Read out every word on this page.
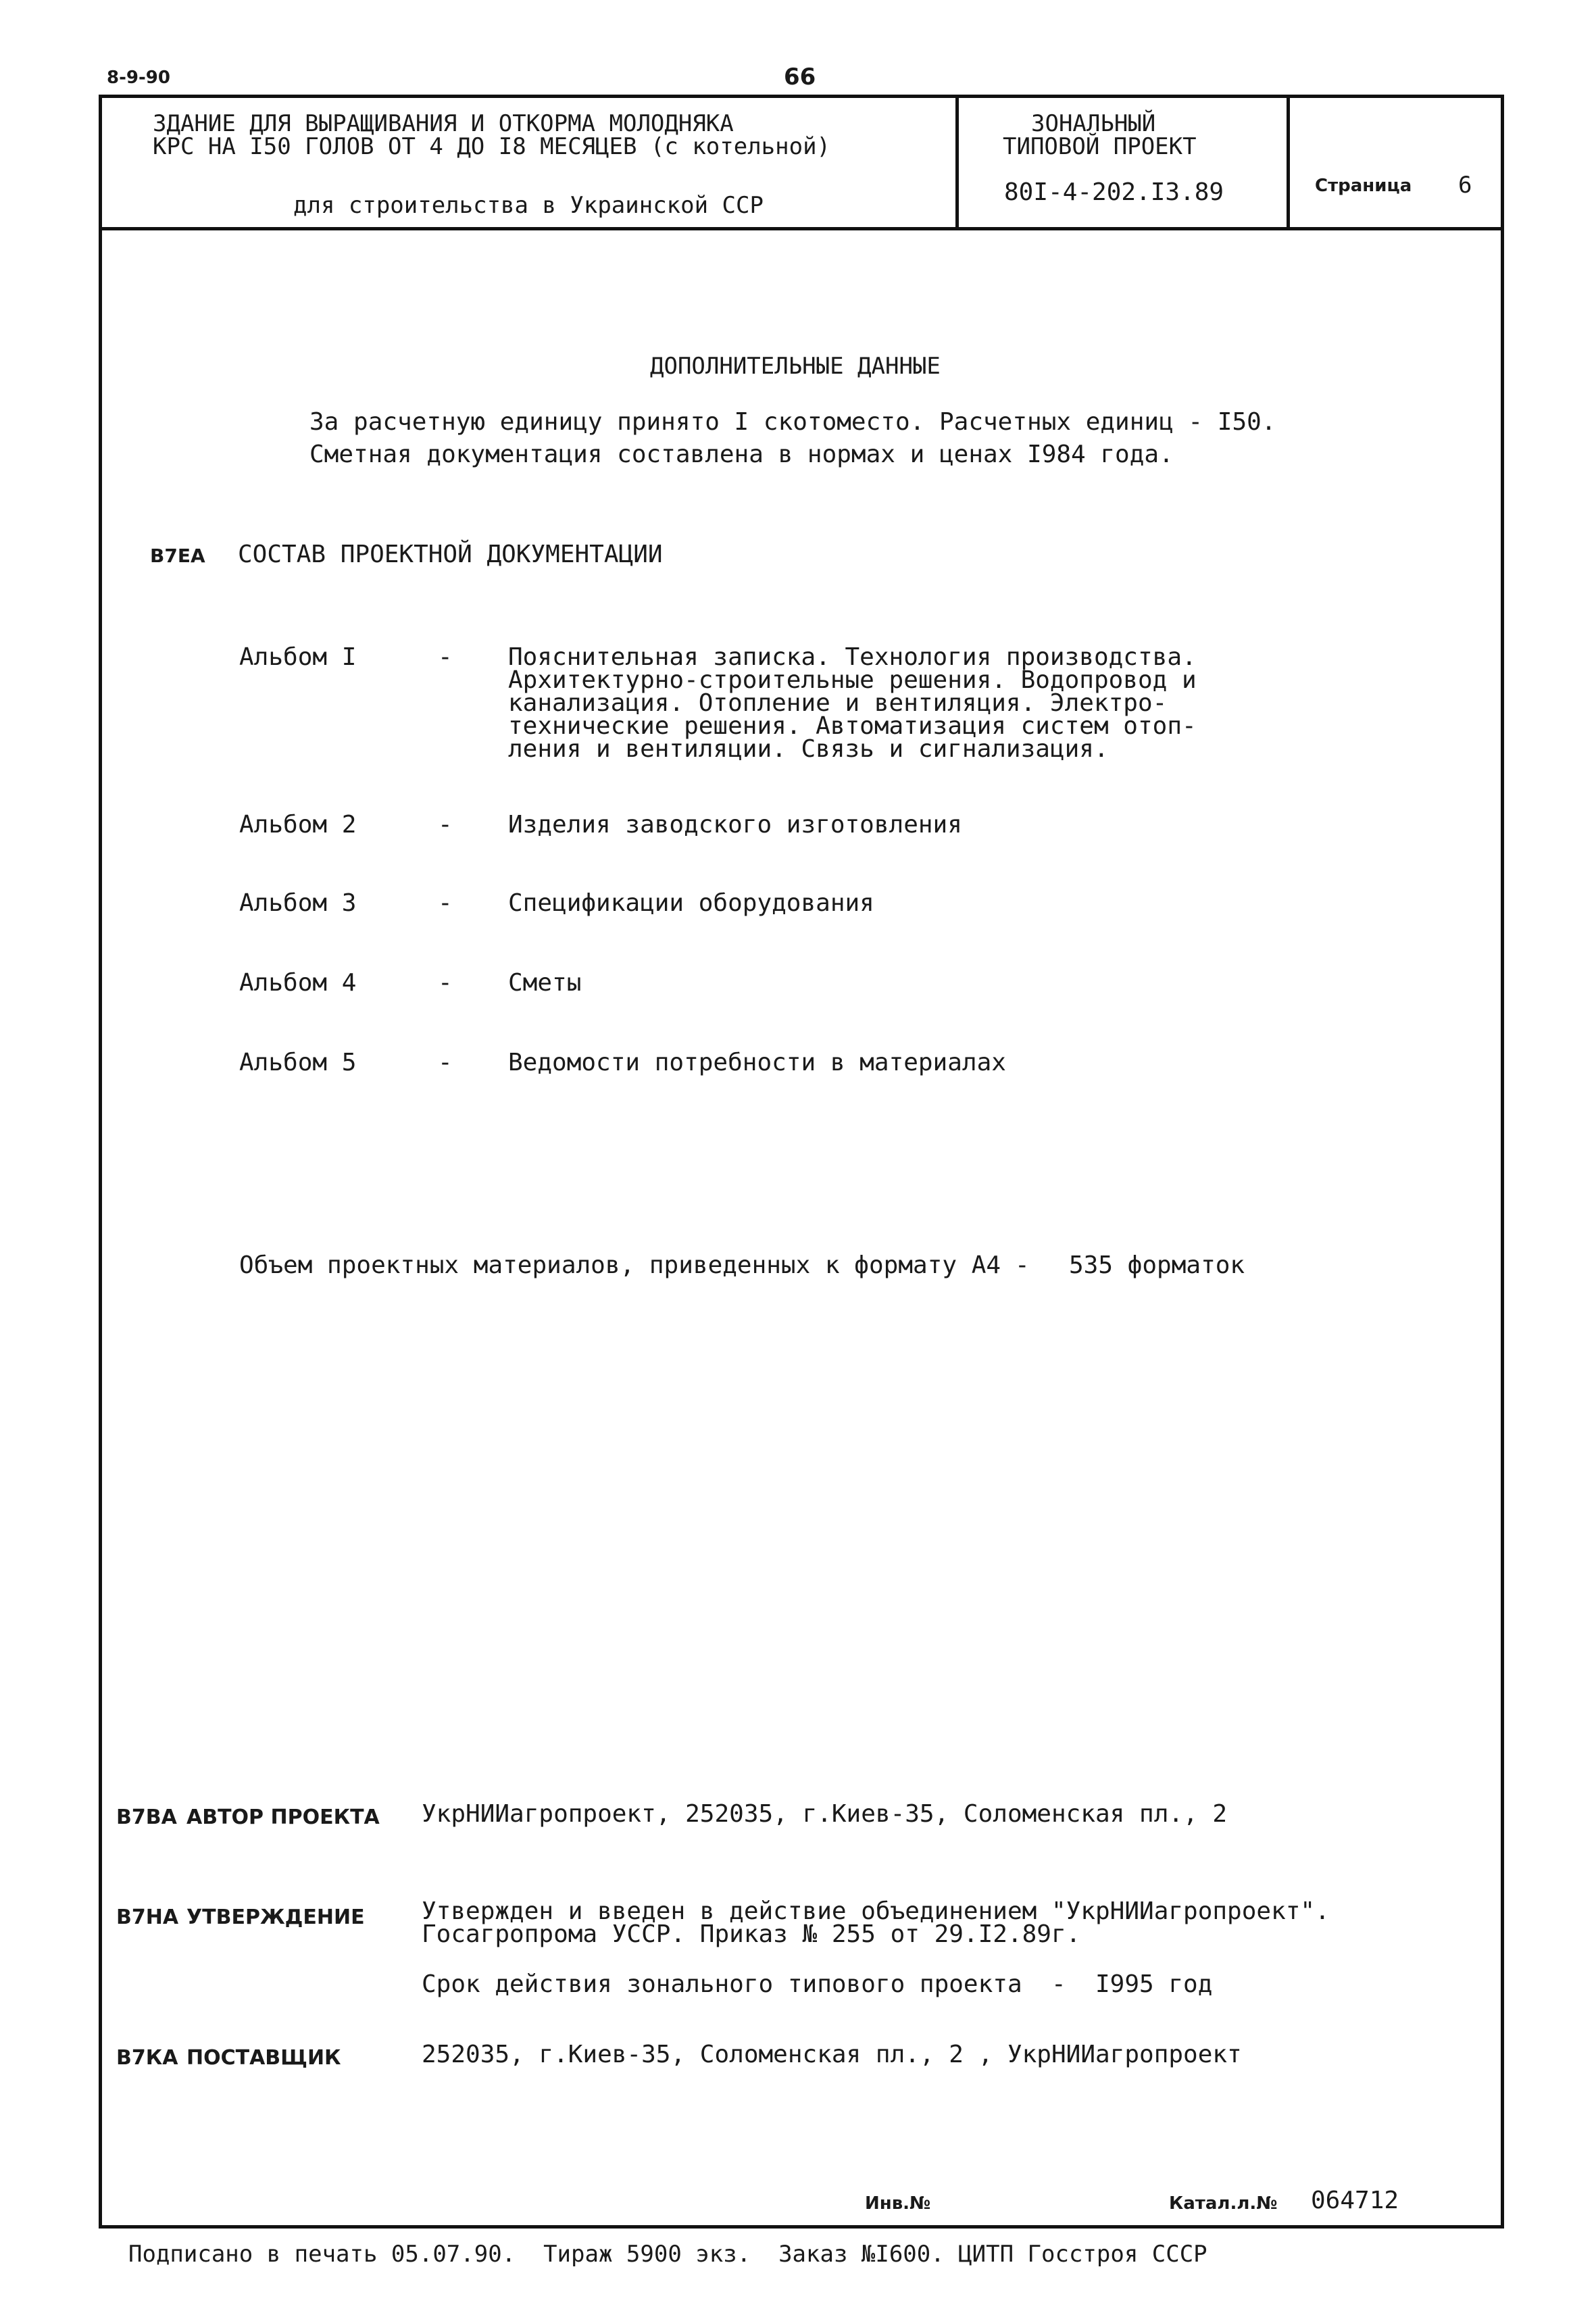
8-9-90	66
ЗДАНИЕ ДЛЯ ВЫРАЩИВАНИЯ И ОТКОРМА МОЛОДНЯКА
КРС НА I50 ГОЛОВ ОТ 4 ДО I8 МЕСЯЦЕВ (с котельной)
для строительства в Украинской ССР
ЗОНАЛЬНЫЙ
ТИПОВОЙ ПРОЕКТ
80I-4-202.I3.89	Страница 6
ДОПОЛНИТЕЛЬНЫЕ ДАННЫЕ
За расчетную единицу принято I скотоместо. Расчетных единиц - I50.
Сметная документация составлена в нормах и ценах I984 года.
В7ЕА СОСТАВ ПРОЕКТНОЙ ДОКУМЕНТАЦИИ
Альбом I	- Пояснительная записка. Технология производства.
Архитектурно-строительные решения. Водопровод и
канализация. Отопление и вентиляция. Электро-
технические решения. Автоматизация систем отоп-
ления и вентиляции. Связь и сигнализация.
Альбом 2	- Изделия заводского изготовления
Альбом 3	- Спецификации оборудования
Альбом 4	- Сметы
Альбом 5	- Ведомости потребности в материалах
Объем проектных материалов, приведенных к формату А4 - 535 форматок
В7ВА АВТОР ПРОЕКТА УкрНИИагропроект, 252035, г.Киев-35, Соломенская пл., 2
В7НА УТВЕРЖДЕНИЕ Утвержден и введен в действие объединением "УкрНИИагропроект".
Госагропрома УССР. Приказ № 255 от 29.I2.89г.
Срок действия зонального типового проекта  -  I995 год
В7КА ПОСТАВЩИК	252035, г.Киев-35, Соломенская пл., 2 , УкрНИИагропроект
Инв.№	Катал.л.№ 064712
Подписано в печать 05.07.90.  Тираж 5900 экз.  Заказ №I600. ЦИТП Госстроя СССР
